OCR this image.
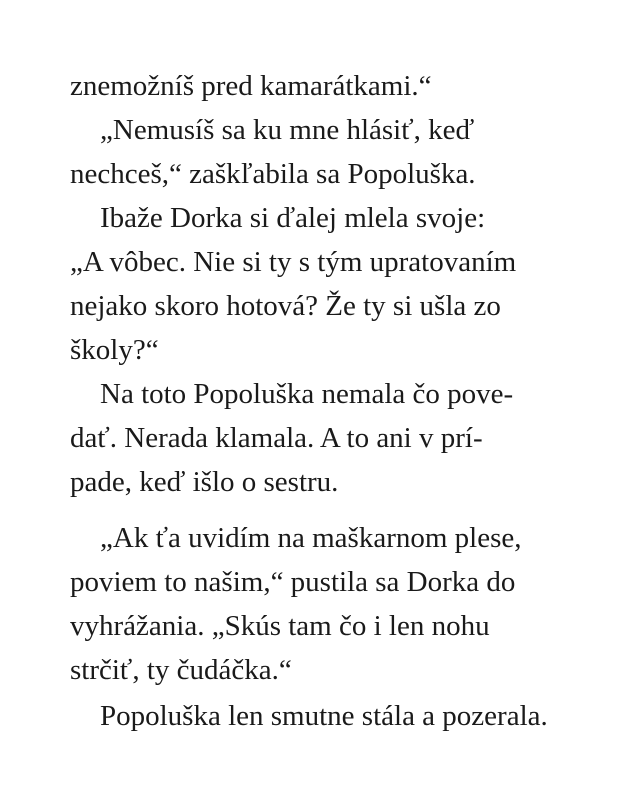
znemožníš pred kamarátkami.“
„Nemusíš sa ku mne hlásiť, keď
nechceš,“ zaškľabila sa Popoluška.
Ibaže Dorka si ďalej mlela svoje:
„A vôbec. Nie si ty s tým upratovaním
nejako skoro hotová? Že ty si ušla zo
školy?“
Na toto Popoluška nemala čo pove-
dať. Nerada klamala. A to ani v prí-
pade, keď išlo o sestru.
„Ak ťa uvidím na maškarnom plese,
poviem to našim,“ pustila sa Dorka do
vyhrážania. „Skús tam čo i len nohu
strčiť, ty čudáčka.“
Popoluška len smutne stála a pozerala.
